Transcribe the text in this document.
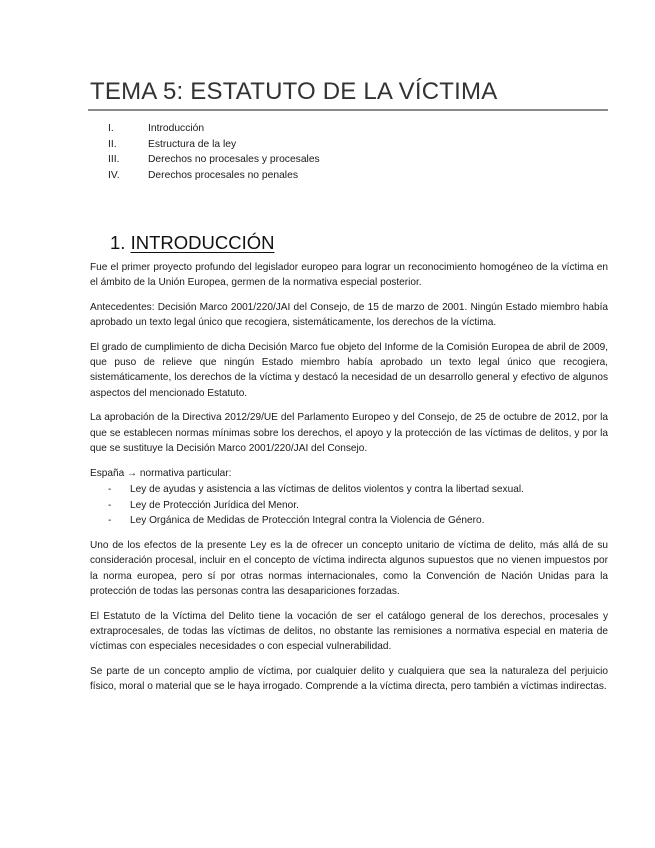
TEMA 5: ESTATUTO DE LA VÍCTIMA
I.	Introducción
II.	Estructura de la ley
III.	Derechos no procesales y procesales
IV.	Derechos procesales no penales
1. INTRODUCCIÓN

Fue el primer proyecto profundo del legislador europeo para lograr un reconocimiento homogéneo de la víctima en el ámbito de la Unión Europea, germen de la normativa especial posterior.

Antecedentes: Decisión Marco 2001/220/JAI del Consejo, de 15 de marzo de 2001. Ningún Estado miembro había aprobado un texto legal único que recogiera, sistemáticamente, los derechos de la víctima.

El grado de cumplimiento de dicha Decisión Marco fue objeto del Informe de la Comisión Europea de abril de 2009, que puso de relieve que ningún Estado miembro había aprobado un texto legal único que recogiera, sistemáticamente, los derechos de la víctima y destacó la necesidad de un desarrollo general y efectivo de algunos aspectos del mencionado Estatuto.

La aprobación de la Directiva 2012/29/UE del Parlamento Europeo y del Consejo, de 25 de octubre de 2012, por la que se establecen normas mínimas sobre los derechos, el apoyo y la protección de las víctimas de delitos, y por la que se sustituye la Decisión Marco 2001/220/JAI del Consejo.

España → normativa particular:

- Ley de ayudas y asistencia a las víctimas de delitos violentos y contra la libertad sexual.
- Ley de Protección Jurídica del Menor.
- Ley Orgánica de Medidas de Protección Integral contra la Violencia de Género.

Uno de los efectos de la presente Ley es la de ofrecer un concepto unitario de víctima de delito, más allá de su consideración procesal, incluir en el concepto de víctima indirecta algunos supuestos que no vienen impuestos por la norma europea, pero sí por otras normas internacionales, como la Convención de Nación Unidas para la protección de todas las personas contra las desapariciones forzadas.

El Estatuto de la Víctima del Delito tiene la vocación de ser el catálogo general de los derechos, procesales y extraprocesales, de todas las víctimas de delitos, no obstante las remisiones a normativa especial en materia de víctimas con especiales necesidades o con especial vulnerabilidad.

Se parte de un concepto amplio de víctima, por cualquier delito y cualquiera que sea la naturaleza del perjuicio físico, moral o material que se le haya irrogado. Comprende a la víctima directa, pero también a víctimas indirectas.
